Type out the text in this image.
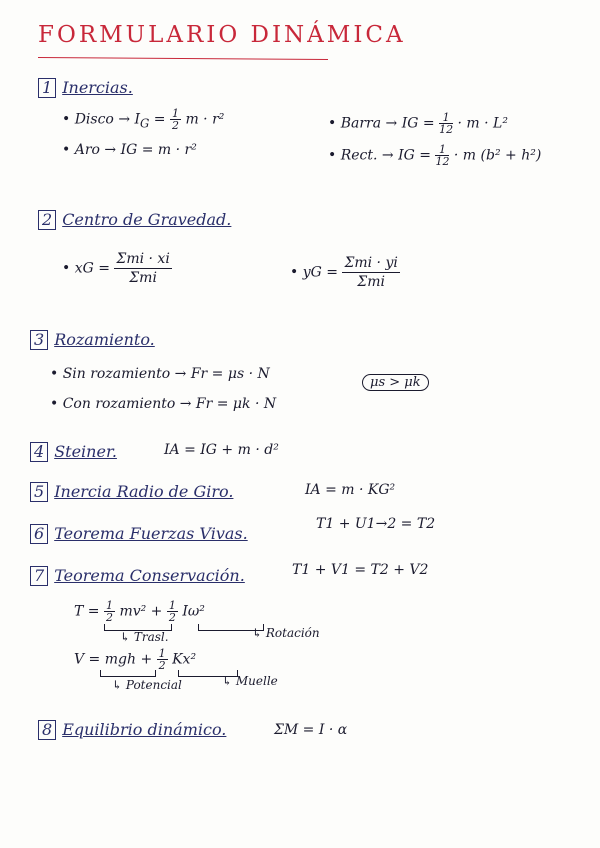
FORMULARIO DINÁMICA
1 Inercias.
• Disco → $I_G = \frac{1}{2}$ m · r²
• Aro → IG = m · r²
• Barra → IG = $\frac{1}{12} \cdot m \cdot L^2$
• Rect. → IG = $\frac{1}{12} \cdot m$ (b² + h²)
2 Centro de Gravedad.
• xG = $\frac{\text{Σmi · xi}}{\text{Σmi}}$	• yG = $\frac{\text{Σmi · yi}}{\text{Σmi}}$
3 Rozamiento.
• Sin rozamiento → Fr = μs · N
• Con rozamiento → Fr = μk · N
μs > μk
4 Steiner.	IA = IG + m · d²
5 Inercia Radio de Giro.	IA = m · KG²
6 Teorema Fuerzas Vivas.	T1 + U1→2 = T2
7 Teorema Conservación.	T1 + V1 = T2 + V2
$T = \frac{1}{2} mv^2 + \frac{1}{2} I\omega^2$
↳ Trasl.	↳ Rotación
V = mgh + $\frac{1}{2} Kx^2$
↳ Potencial	↳ Muelle
8 Equilibrio dinámico.	ΣM = I · α
